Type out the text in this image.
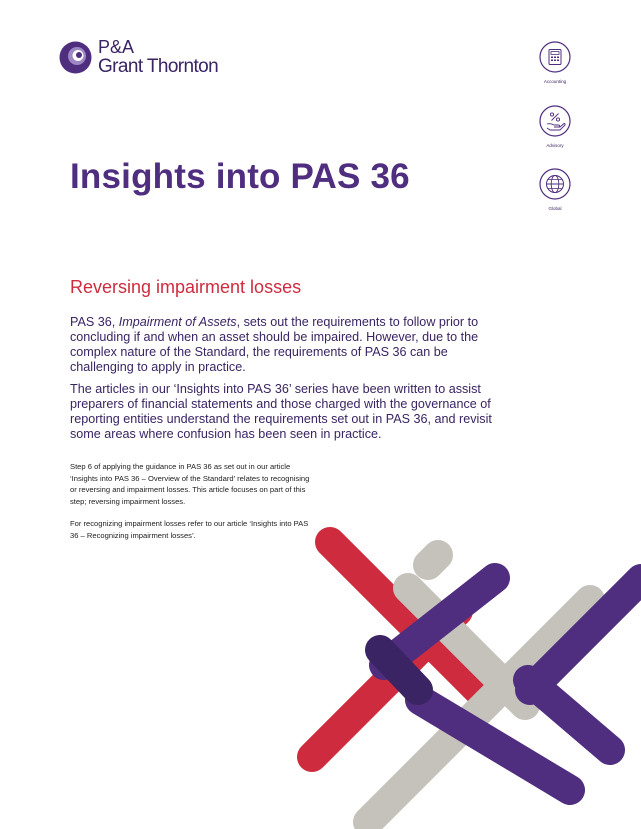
P&A
Grant Thornton
Accounting
Advisory
Global
Insights into PAS 36
Reversing impairment losses

PAS 36, Impairment of Assets, sets out the requirements to follow prior to concluding if and when an asset should be impaired. However, due to the complex nature of the Standard, the requirements of PAS 36 can be challenging to apply in practice.

The articles in our ‘Insights into PAS 36’ series have been written to assist preparers of financial statements and those charged with the governance of reporting entities understand the requirements set out in PAS 36, and revisit some areas where confusion has been seen in practice.

Step 6 of applying the guidance in PAS 36 as set out in our article ‘Insights into PAS 36 – Overview of the Standard’ relates to recognising or reversing and impairment losses. This article focuses on part of this step; reversing impairment losses.

For recognizing impairment losses refer to our article ‘Insights into PAS 36 – Recognizing impairment losses’.
